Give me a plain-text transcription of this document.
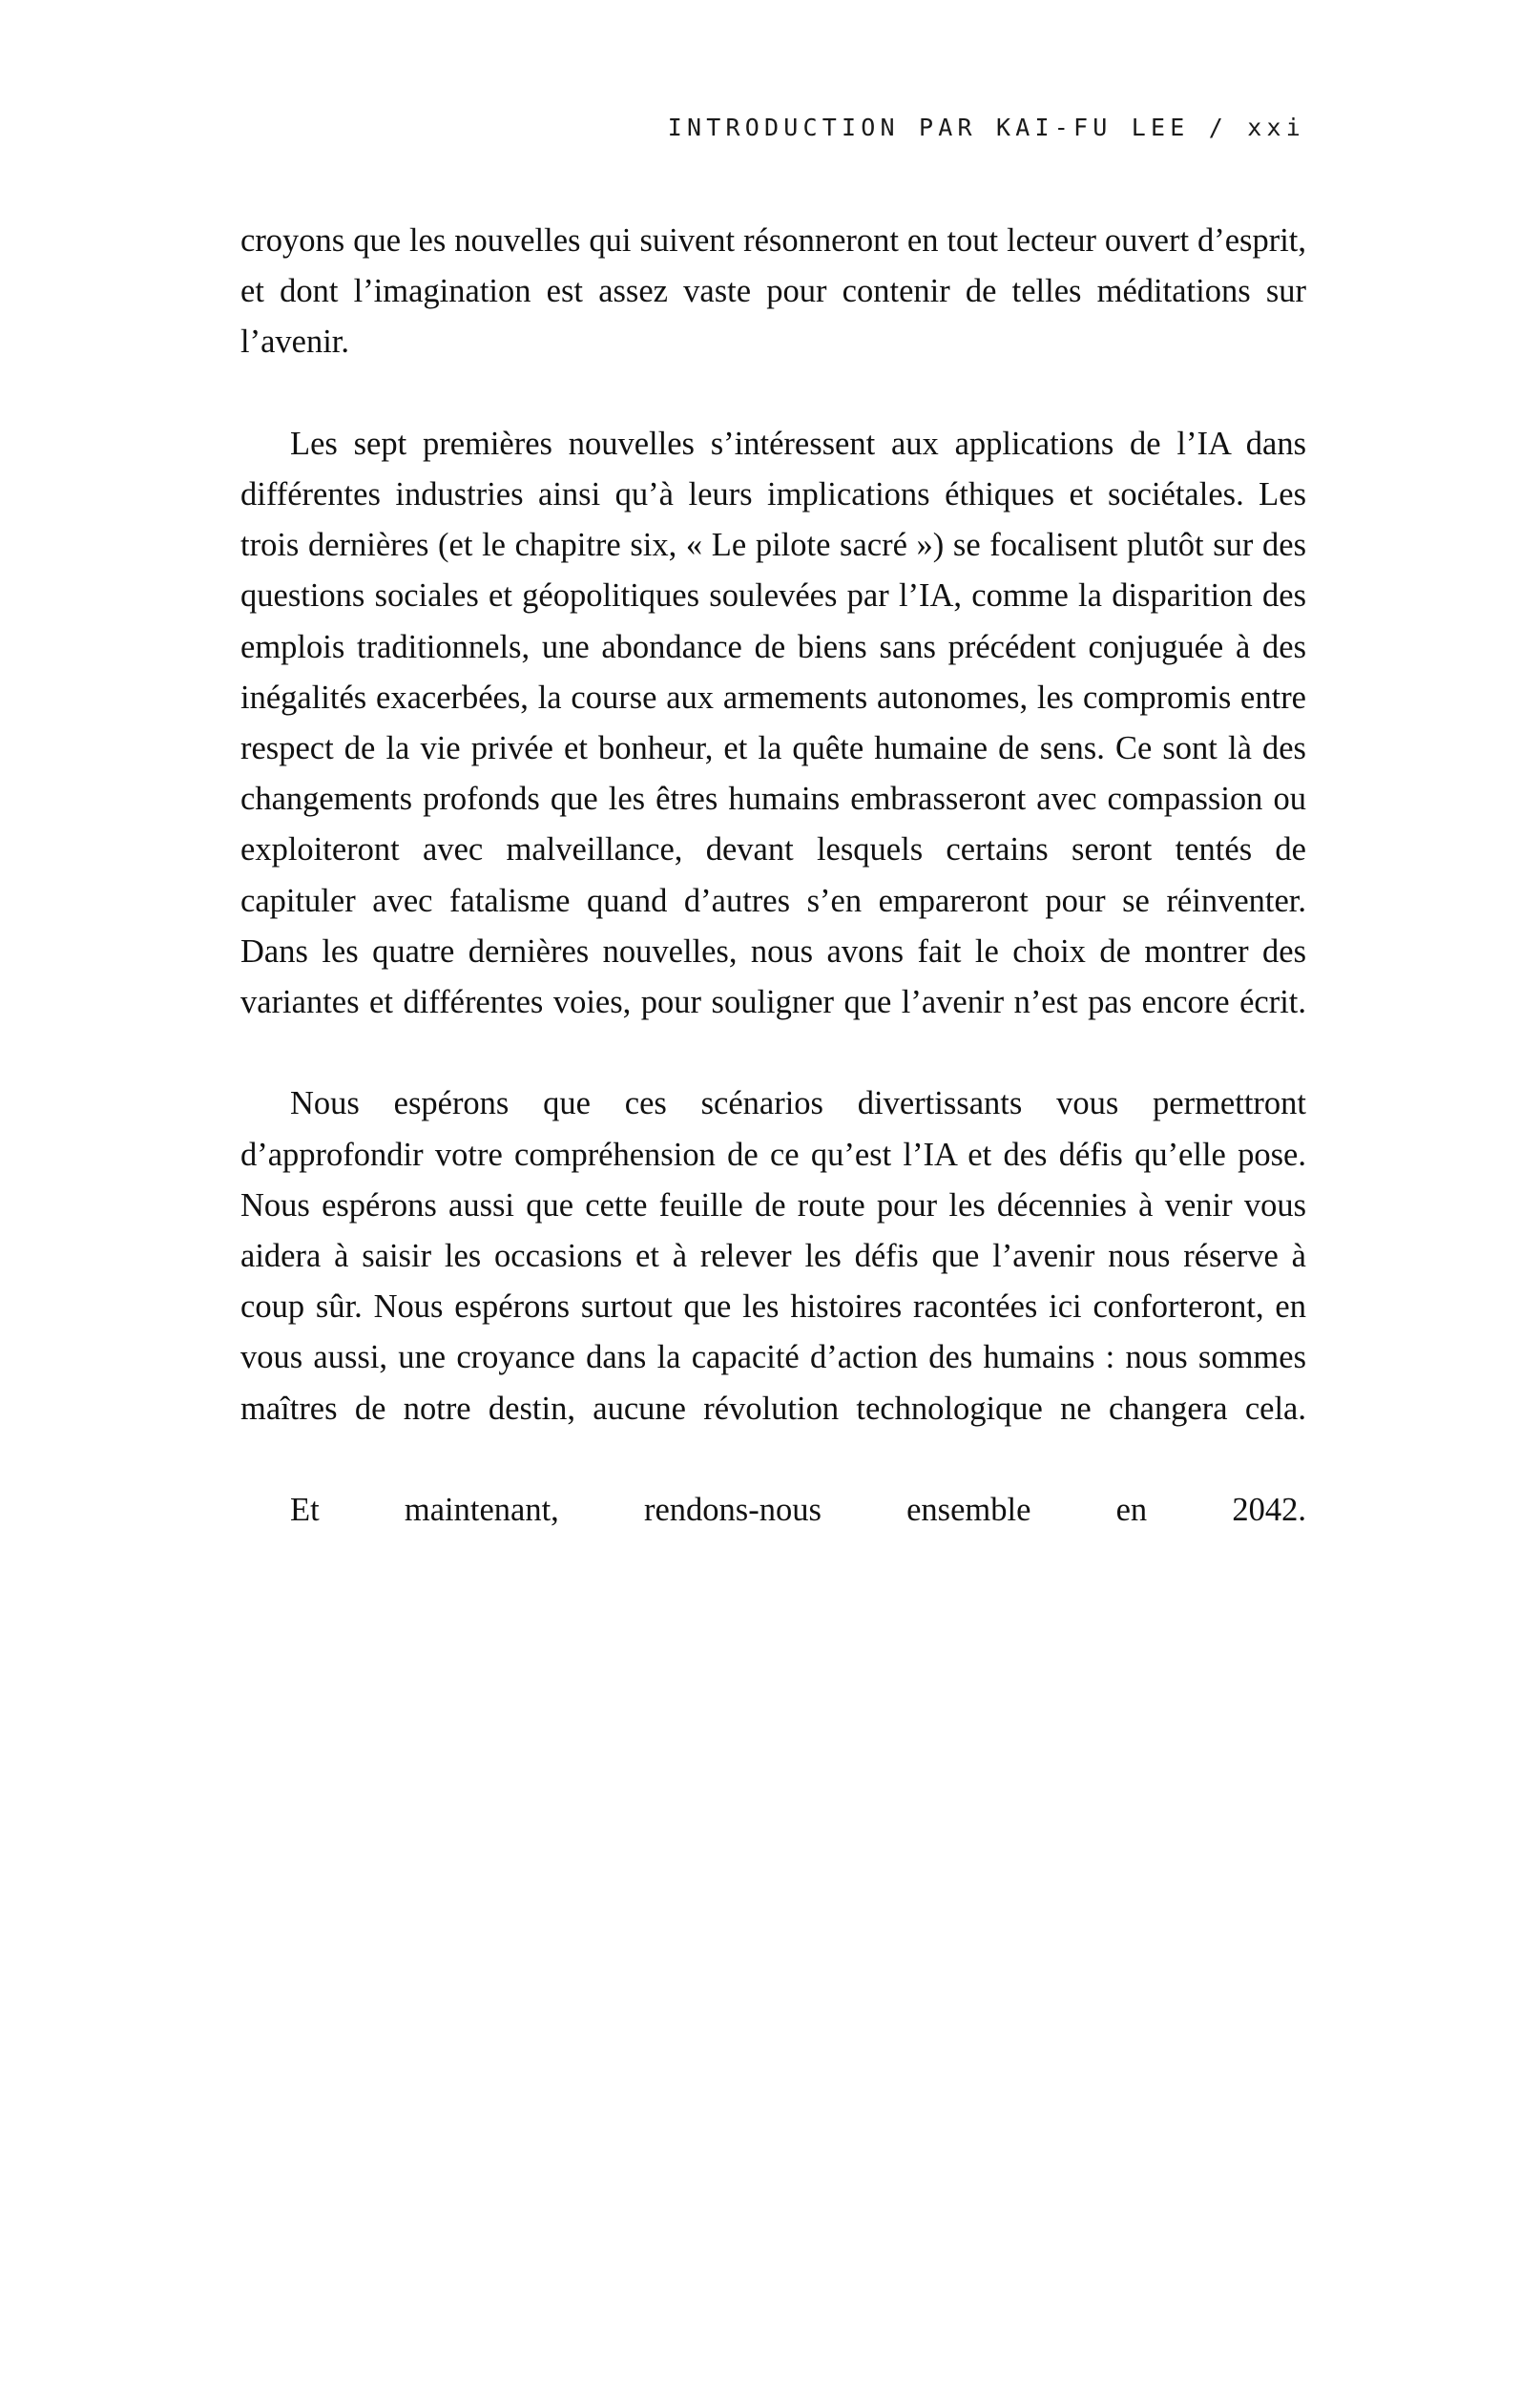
INTRODUCTION PAR KAI-FU LEE / xxi

croyons que les nouvelles qui suivent résonneront en tout lecteur ouvert d’esprit, et dont l’imagination est assez vaste pour contenir de telles méditations sur l’avenir.

Les sept premières nouvelles s’intéressent aux applications de l’IA dans différentes industries ainsi qu’à leurs implications éthiques et sociétales. Les trois dernières (et le chapitre six, « Le pilote sacré ») se focalisent plutôt sur des questions sociales et géopolitiques soulevées par l’IA, comme la disparition des emplois traditionnels, une abondance de biens sans précédent conjuguée à des inégalités exacerbées, la course aux armements autonomes, les compromis entre respect de la vie privée et bonheur, et la quête humaine de sens. Ce sont là des changements profonds que les êtres humains embrasseront avec compassion ou exploiteront avec malveillance, devant lesquels certains seront tentés de capituler avec fatalisme quand d’autres s’en empareront pour se réinventer. Dans les quatre dernières nouvelles, nous avons fait le choix de montrer des variantes et différentes voies, pour souligner que l’avenir n’est pas encore écrit.

Nous espérons que ces scénarios divertissants vous permettront d’approfondir votre compréhension de ce qu’est l’IA et des défis qu’elle pose. Nous espérons aussi que cette feuille de route pour les décennies à venir vous aidera à saisir les occasions et à relever les défis que l’avenir nous réserve à coup sûr. Nous espérons surtout que les histoires racontées ici conforteront, en vous aussi, une croyance dans la capacité d’action des humains : nous sommes maîtres de notre destin, aucune révolution technologique ne changera cela.

Et maintenant, rendons-nous ensemble en 2042.
